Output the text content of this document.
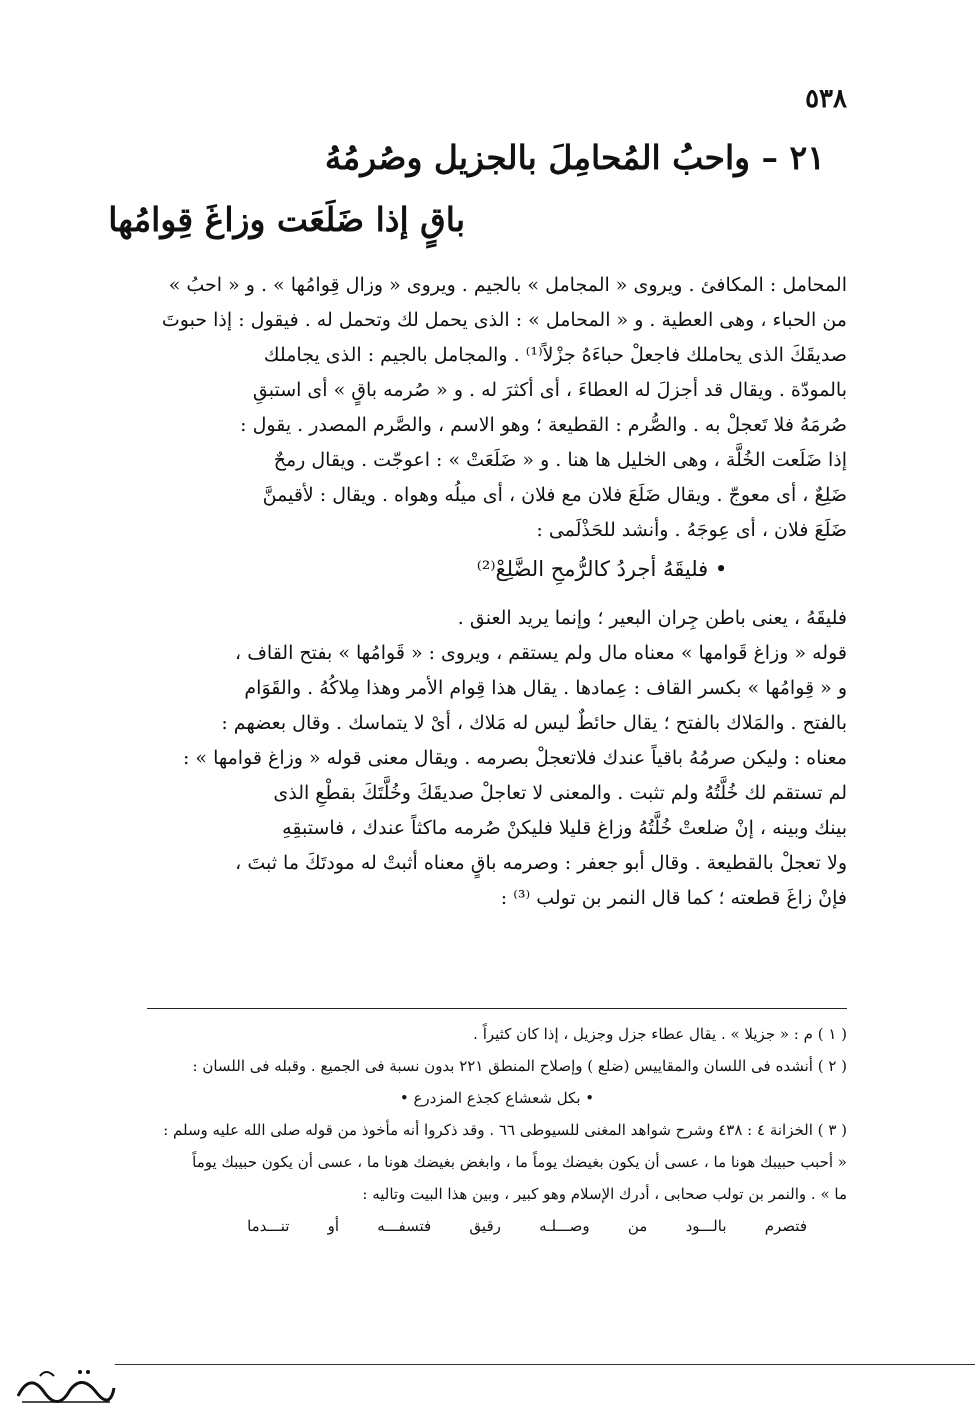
٥٣٨
٢١ – واحبُ المُحامِلَ بالجزيل وصُرمُهُ
باقٍ إذا ضَلَعَت وزاغَ قِوامُها
المحامل : المكافئ . ويروى « المجامل » بالجيم . ويروى « وزال قِوامُها » . و « احبُ »
من الحباء ، وهى العطية . و « المحامل » : الذى يحمل لك وتحمل له . فيقول : إذا حبوتَ
صديقَكَ الذى يحاملك فاجعلْ حباءَهُ جزْلاً⁽¹⁾ . والمجامل بالجيم : الذى يجاملك
بالمودّة . ويقال قد أجزلَ له العطاءَ ، أى أكثرَ له . و « صُرمه باقٍ » أى استبقِ
صُرمَهُ فلا تَعجلْ به . والصُّرم : القطيعة ؛ وهو الاسم ، والصَّرم المصدر . يقول :
إذا ضَلَعت الخُلَّة ، وهى الخليل ها هنا . و « ضَلَعَتْ » : اعوجّت . ويقال رمحٌ
ضَلِعٌ ، أى معوجّ . ويقال ضَلَعَ فلان مع فلان ، أى ميلُه وهواه . ويقال : لأقيمنَّ
ضَلَعَ فلان ، أى عِوجَهُ . وأنشد للحَذْلَمى :
• فليقَهُ أجردُ كالرُّمحِ الضَّلِعْ⁽²⁾
فليقَهُ ، يعنى باطن جِران البعير ؛ وإنما يريد العنق .
قوله « وزاغ قَوامها » معناه مال ولم يستقم ، ويروى : « قَوامُها » بفتح القاف ،
و « قِوامُها » بكسر القاف : عِمادها . يقال هذا قِوام الأمر وهذا مِلاكُهُ . والقَوَام
بالفتح . والمَلاك بالفتح ؛ يقال حائطٌ ليس له مَلاك ، أىْ لا يتماسك . وقال بعضهم :
معناه : وليكن صرمُهُ باقياً عندك فلاتعجلْ بصرمه . ويقال معنى قوله « وزاغ قوامها » :
لم تستقم لك خُلَّتُهُ ولم تثبت . والمعنى لا تعاجلْ صديقَكَ وخُلَّتَكَ بقطْعِ الذى
بينك وبينه ، إنْ ضلعتْ خُلَّتُهُ وزاغ قليلا فليكنْ صُرمه ماكثاً عندك ، فاستبقِهِ
ولا تعجلْ بالقطيعة . وقال أبو جعفر : وصرمه باقٍ معناه أثبتْ له مودتَكَ ما ثبتَ ،
فإنْ زاغَ قطعته ؛ كما قال النمر بن تولب ⁽³⁾ :
( ١ ) م : « جزيلا » . يقال عطاء جزل وجزيل ، إذا كان كثيراً .
( ٢ ) أنشده فى اللسان والمقاييس (ضلع ) وإصلاح المنطق ٢٢١ بدون نسبة فى الجميع . وقبله فى اللسان :
• بكل شعشاع كجذع المزدرع •
( ٣ ) الخزانة ٤ : ٤٣٨ وشرح شواهد المغنى للسيوطى ٦٦ . وقد ذكروا أنه مأخوذ من قوله صلى الله عليه وسلم :
« أحبب حبيبك هونا ما ، عسى أن يكون بغيضك يوماً ما ، وابغض بغيضك هونا ما ، عسى أن يكون حبيبك يوماً
ما » . والنمر بن تولب صحابى ، أدرك الإسلام وهو كبير ، وبين هذا البيت وتاليه :
فتصرم
بالـــود
من
وصـــلـه
رقيق
فتسفـــه
أو
تنـــدما
